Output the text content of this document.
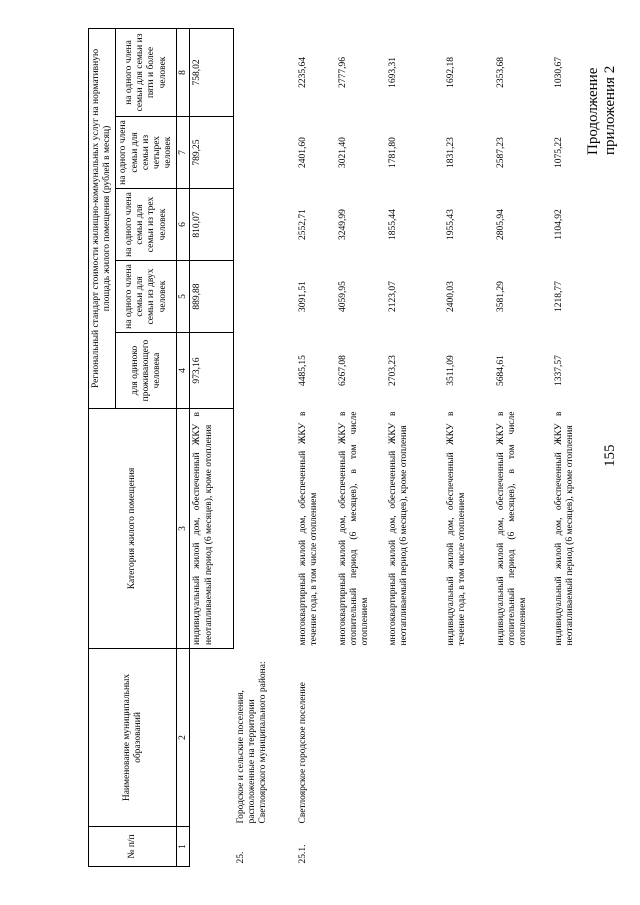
155
Продолжение приложения 2
№ п/п	Наименование муниципальных образований	Категория жилого помещения	Региональный стандарт стоимости жилищно-коммунальных услуг на нормативную площадь жилого помещения (рублей в месяц)				
			для одиноко проживающего человека	на одного члена семьи для семьи из двух человек	на одного члена семьи для семьи из трех человек	на одного члена семьи для семьи из четырех человек	на одного члена семьи для семьи из пяти и более человек
1	2	3	4	5	6	7	8
		индивидуальный жилой дом, обеспеченный ЖКУ в неотапливаемый период (6 месяцев), кроме отопления	973,16	889,88	810,07	789,25	758,02
25.	Городское и сельские поселения, расположенные на территории Светлоярского муниципального района:						
25.1.	Светлоярское городское поселение	многоквартирный жилой дом, обеспеченный ЖКУ в течение года, в том числе отоплением	4485,15	3091,51	2552,71	2401,60	2235,64
		многоквартирный жилой дом, обеспеченный ЖКУ в отопительный период (6 месяцев), в том числе отоплением	6267,08	4059,95	3249,99	3021,40	2777,96
		многоквартирный жилой дом, обеспеченный ЖКУ в неотапливаемый период (6 месяцев), кроме отопления	2703,23	2123,07	1855,44	1781,80	1693,31
		индивидуальный жилой дом, обеспеченный ЖКУ в течение года, в том числе отоплением	3511,09	2400,03	1955,43	1831,23	1692,18
		индивидуальный жилой дом, обеспеченный ЖКУ в отопительный период (6 месяцев), в том числе отоплением	5684,61	3581,29	2805,94	2587,23	2353,68
		индивидуальный жилой дом, обеспеченный ЖКУ в неотапливаемый период (6 месяцев), кроме отопления	1337,57	1218,77	1104,92	1075,22	1030,67
